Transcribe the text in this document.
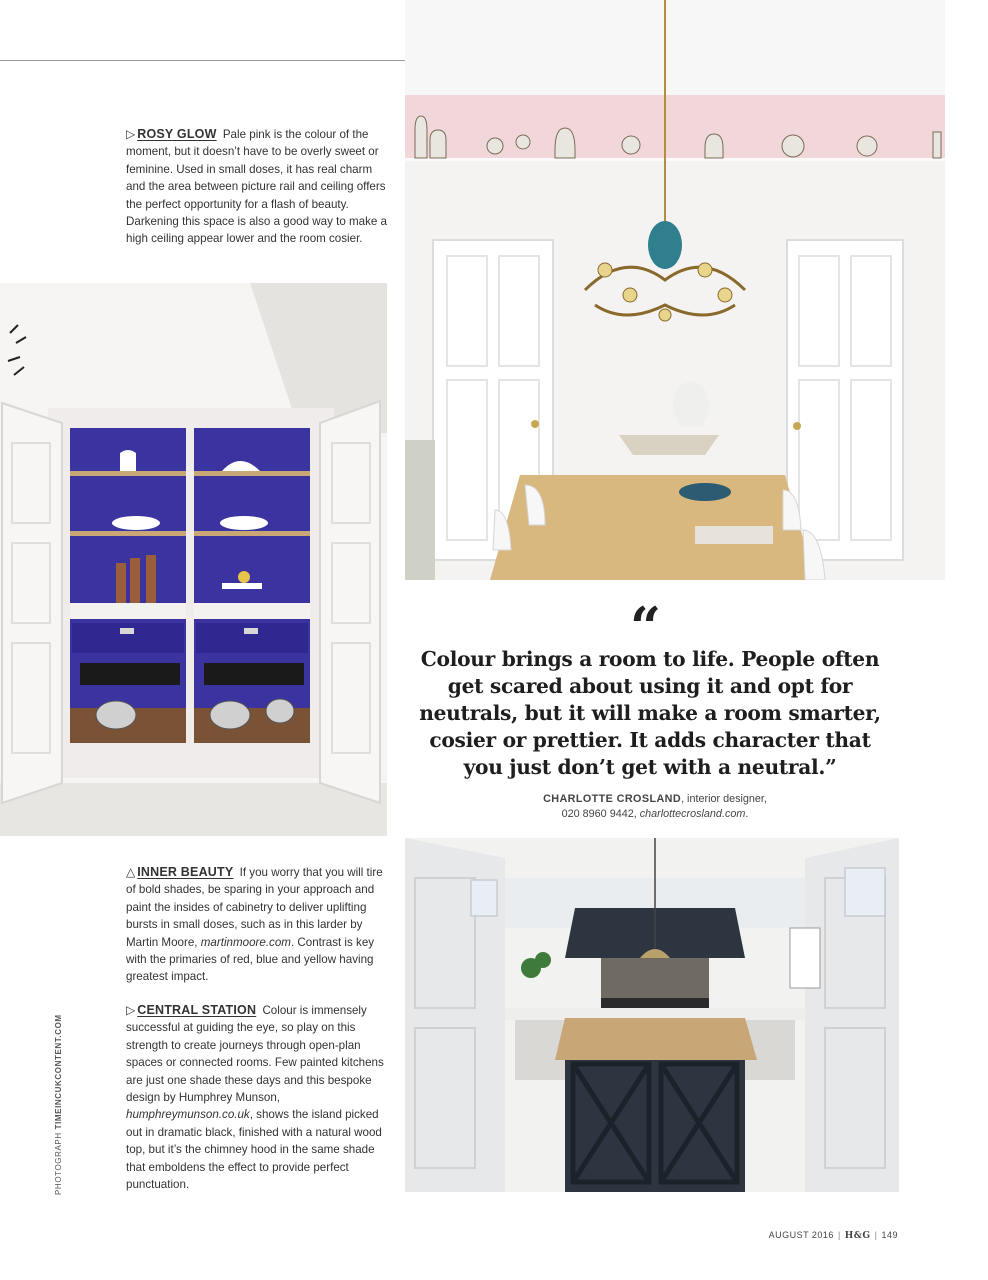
▷ ROSY GLOW Pale pink is the colour of the moment, but it doesn’t have to be overly sweet or feminine. Used in small doses, it has real charm and the area between picture rail and ceiling offers the perfect opportunity for a flash of beauty. Darkening this space is also a good way to make a high ceiling appear lower and the room cosier.
“
Colour brings a room to life. People often get scared about using it and opt for neutrals, but it will make a room smarter, cosier or prettier. It adds character that you just don’t get with a neutral.”
CHARLOTTE CROSLAND, interior designer,
020 8960 9442, charlottecrosland.com.
△ INNER BEAUTY If you worry that you will tire of bold shades, be sparing in your approach and paint the insides of cabinetry to deliver uplifting bursts in small doses, such as in this larder by Martin Moore, martinmoore.com. Contrast is key with the primaries of red, blue and yellow having greatest impact.
▷ CENTRAL STATION Colour is immensely successful at guiding the eye, so play on this strength to create journeys through open-plan spaces or connected rooms. Few painted kitchens are just one shade these days and this bespoke design by Humphrey Munson, humphreymunson.co.uk, shows the island picked out in dramatic black, finished with a natural wood top, but it’s the chimney hood in the same shade that emboldens the effect to provide perfect punctuation.
PHOTOGRAPH TIMEINCUKCONTENT.COM
AUGUST 2016 | H&G | 149
